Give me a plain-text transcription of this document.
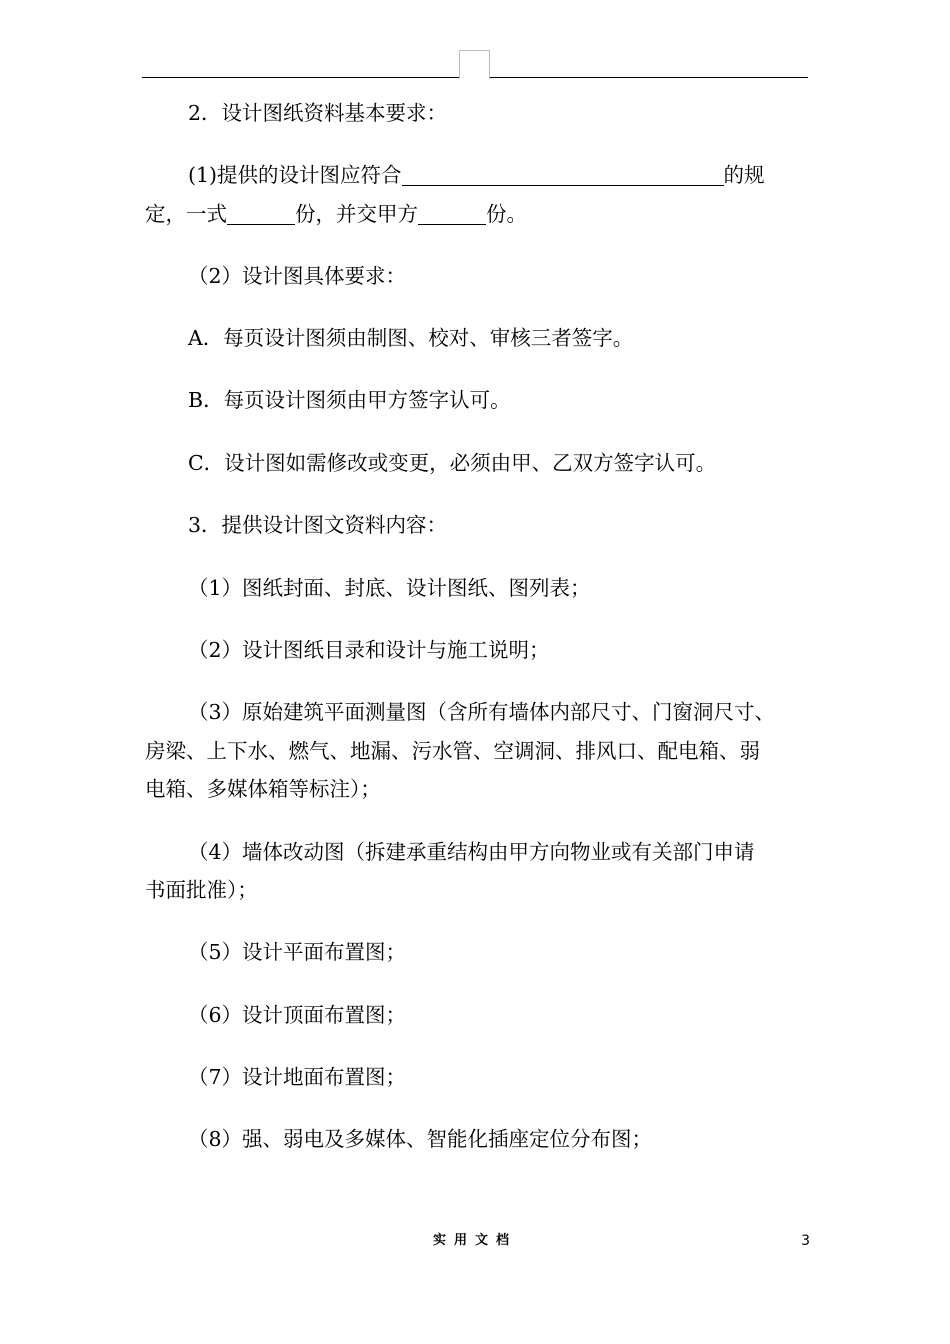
2．设计图纸资料基本要求：
(1)提供的设计图应符合	的规
定，一式	份，并交甲方	份。
（2）设计图具体要求：
A．每页设计图须由制图、校对、审核三者签字。
B．每页设计图须由甲方签字认可。
C．设计图如需修改或变更，必须由甲、乙双方签字认可。
3．提供设计图文资料内容：
（1）图纸封面、封底、设计图纸、图列表；
（2）设计图纸目录和设计与施工说明；
（3）原始建筑平面测量图（含所有墙体内部尺寸、门窗洞尺寸、
房梁、上下水、燃气、地漏、污水管、空调洞、排风口、配电箱、弱
电箱、多媒体箱等标注）；
（4）墙体改动图（拆建承重结构由甲方向物业或有关部门申请
书面批准）；
（5）设计平面布置图；
（6）设计顶面布置图；
（7）设计地面布置图；
（8）强、弱电及多媒体、智能化插座定位分布图；
实用文档	3
